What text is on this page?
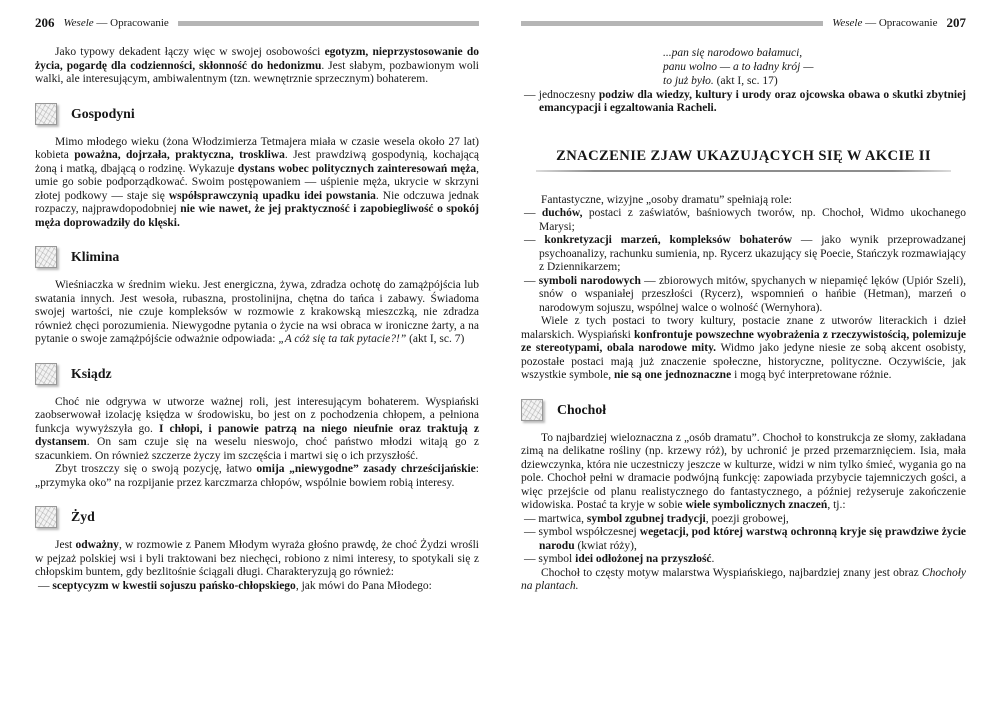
206 Wesele — Opracowanie

Jako typowy dekadent łączy więc w swojej osobowości egotyzm, nieprzystosowanie do życia, pogardę dla codzienności, skłonność do hedonizmu. Jest słabym, pozbawionym woli walki, ale interesującym, ambiwalentnym (tzn. wewnętrznie sprzecznym) bohaterem.

Gospodyni

Mimo młodego wieku (żona Włodzimierza Tetmajera miała w czasie wesela około 27 lat) kobieta poważna, dojrzała, praktyczna, troskliwa. Jest prawdziwą gospodynią, kochającą żoną i matką, dbającą o rodzinę. Wykazuje dystans wobec politycznych zainteresowań męża, umie go sobie podporządkować. Swoim postępowaniem — uśpienie męża, ukrycie w skrzyni złotej podkowy — staje się współsprawczynią upadku idei powstania. Nie odczuwa jednak rozpaczy, najprawdopodobniej nie wie nawet, że jej praktyczność i zapobiegliwość o spokój męża doprowadziły do klęski.

Klimina

Wieśniaczka w średnim wieku. Jest energiczna, żywa, zdradza ochotę do zamążpójścia lub swatania innych. Jest wesoła, rubaszna, prostolinijna, chętna do tańca i zabawy. Świadoma swojej wartości, nie czuje kompleksów w rozmowie z krakowską mieszczką, nie zdradza również chęci porozumienia. Niewygodne pytania o życie na wsi obraca w ironiczne żarty, a na pytanie o swoje zamążpójście odważnie odpowiada: „A cóż się ta tak pytacie?!” (akt I, sc. 7)

Ksiądz

Choć nie odgrywa w utworze ważnej roli, jest interesującym bohaterem. Wyspiański zaobserwował izolację księdza w środowisku, bo jest on z pochodzenia chłopem, a pełniona funkcja wywyższyła go. I chłopi, i panowie patrzą na niego nieufnie oraz traktują z dystansem. On sam czuje się na weselu nieswojo, choć państwo młodzi witają go z szacunkiem. On również szczerze życzy im szczęścia i martwi się o ich przyszłość.

Zbyt troszczy się o swoją pozycję, łatwo omija „niewygodne” zasady chrześcijańskie: „przymyka oko” na rozpijanie przez karczmarza chłopów, wspólnie bowiem robią interesy.

Żyd

Jest odważny, w rozmowie z Panem Młodym wyraża głośno prawdę, że choć Żydzi wrośli w pejzaż polskiej wsi i byli traktowani bez niechęci, robiono z nimi interesy, to spotykali się z chłopskim buntem, gdy bezlitośnie ściągali długi. Charakteryzują go również:

— sceptycyzm w kwestii sojuszu pańsko-chłopskiego, jak mówi do Pana Młodego:

Wesele — Opracowanie 207
...pan się narodowo bałamuci,
panu wolno — a to ładny krój —
to już było. (akt I, sc. 17)

— jednoczesny podziw dla wiedzy, kultury i urody oraz ojcowska obawa o skutki zbytniej emancypacji i egzaltowania Racheli.

ZNACZENIE ZJAW UKAZUJĄCYCH SIĘ W AKCIE II

Fantastyczne, wizyjne „osoby dramatu” spełniają role:

— duchów, postaci z zaświatów, baśniowych tworów, np. Chochoł, Widmo ukochanego Marysi;

— konkretyzacji marzeń, kompleksów bohaterów — jako wynik przeprowadzanej psychoanalizy, rachunku sumienia, np. Rycerz ukazujący się Poecie, Stańczyk rozmawiający z Dziennikarzem;

— symboli narodowych — zbiorowych mitów, spychanych w niepamięć lęków (Upiór Szeli), snów o wspaniałej przeszłości (Rycerz), wspomnień o hańbie (Hetman), marzeń o narodowym sojuszu, wspólnej walce o wolność (Wernyhora).

Wiele z tych postaci to twory kultury, postacie znane z utworów literackich i dzieł malarskich. Wyspiański konfrontuje powszechne wyobrażenia z rzeczywistością, polemizuje ze stereotypami, obala narodowe mity. Widmo jako jedyne niesie ze sobą akcent osobisty, pozostałe postaci mają już znaczenie społeczne, historyczne, polityczne. Oczywiście, jak wszystkie symbole, nie są one jednoznaczne i mogą być interpretowane różnie.

Chochoł

To najbardziej wieloznaczna z „osób dramatu”. Chochoł to konstrukcja ze słomy, zakładana zimą na delikatne rośliny (np. krzewy róż), by uchronić je przed przemarznięciem. Isia, mała dziewczynka, która nie uczestniczy jeszcze w kulturze, widzi w nim tylko śmieć, wygania go na pole. Chochoł pełni w dramacie podwójną funkcję: zapowiada przybycie tajemniczych gości, a więc przejście od planu realistycznego do fantastycznego, a później reżyseruje zakończenie widowiska. Postać ta kryje w sobie wiele symbolicznych znaczeń, tj.:

— martwica, symbol zgubnej tradycji, poezji grobowej,

— symbol współczesnej wegetacji, pod której warstwą ochronną kryje się prawdziwe życie narodu (kwiat róży),

— symbol idei odłożonej na przyszłość.

Chochoł to częsty motyw malarstwa Wyspiańskiego, najbardziej znany jest obraz Chochoły na plantach.
